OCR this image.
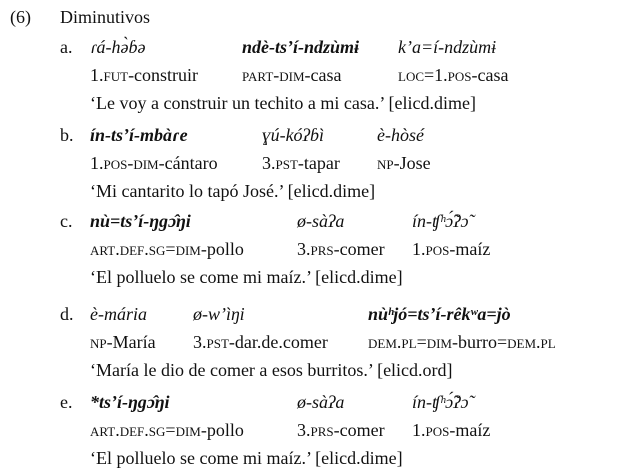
(6) Diminutivos
a. ɾá-hə̀ɓə	ndè-ts’í-ndzùmɨ k’a=í-ndzùmɨ
1.fut-construir part-dim-casa	loc=1.pos-casa
‘Le voy a construir un techito a mi casa.’ [elicd.dime]
b. ín-ts’í-mbàɾe	ɣú-kóʔɓì	è-hòsé
1.pos-dim-cántaro 3.pst-tapar np-Jose
‘Mi cantarito lo tapó José.’ [elicd.dime]
c. nù=ts’í-ŋgɔ̂ŋi	ø-sàʔa	ín-ʧʰɔ̃́ʔɔ̃
art.def.sg=dim-pollo	3.prs-comer 1.pos-maíz
‘El polluelo se come mi maíz.’ [elicd.dime]
d. è-mária	ø-w’ìŋi	nùʰjó=ts’í-rêkʷa=jò
np-María 3.pst-dar.de.comer dem.pl=dim-burro=dem.pl
‘María le dio de comer a esos burritos.’ [elicd.ord]
e. *ts’í-ŋgɔ̂ŋi	ø-sàʔa	ín-ʧʰɔ̃́ʔɔ̃
art.def.sg=dim-pollo	3.prs-comer 1.pos-maíz
‘El polluelo se come mi maíz.’ [elicd.dime]
